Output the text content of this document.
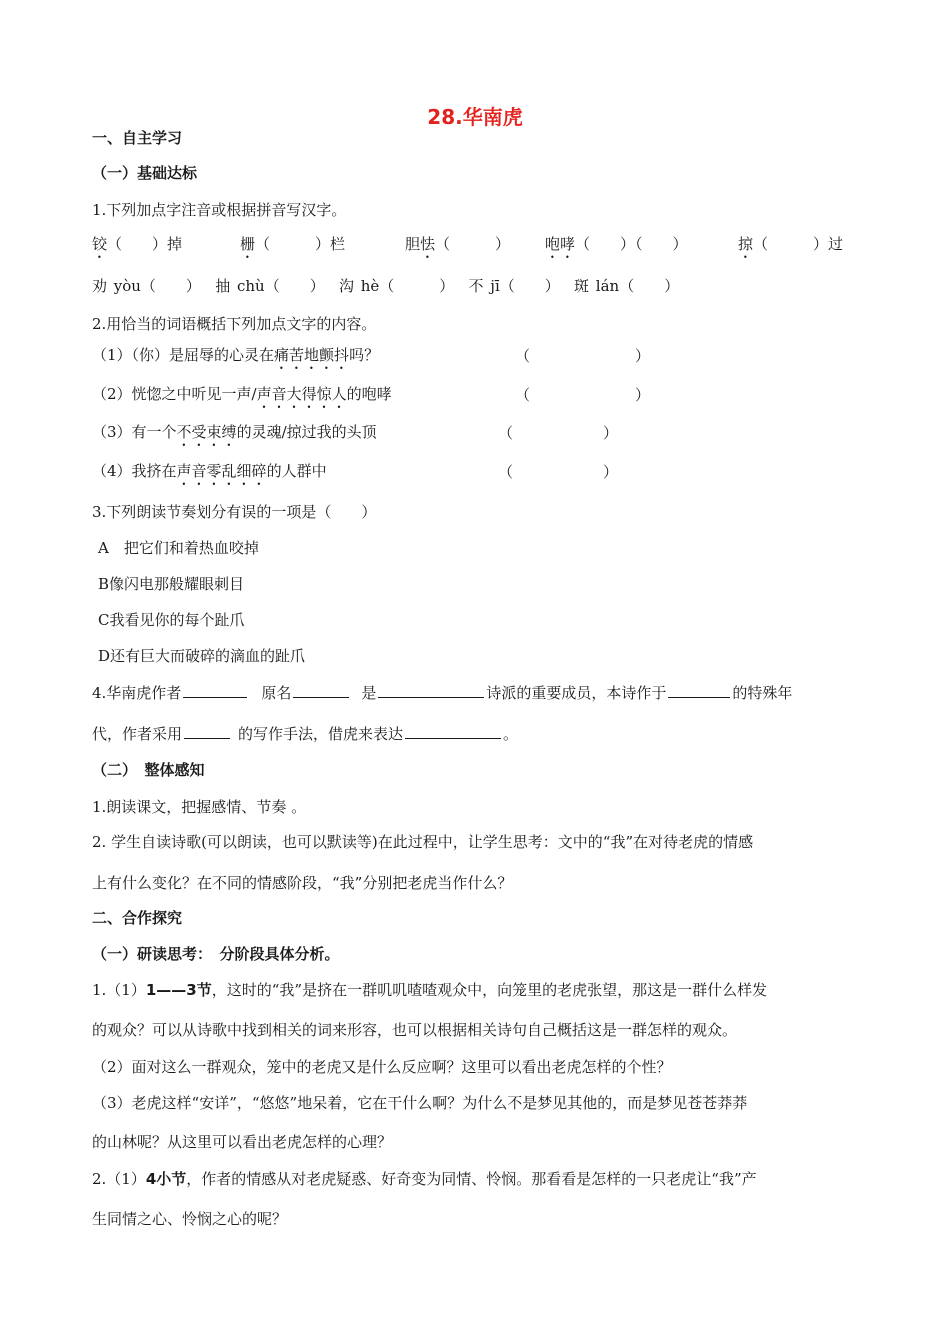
28.华南虎
一、自主学习
（一）基础达标
1.下列加点字注音或根据拼音写汉字。
铰（　　）掉	栅（　　　）栏	胆怯（　　　） 咆哮（　　）（　　）	掠（　　　）过
劝 yòu（　　）　 抽 chù（　　）　 沟 hè（　　　）　 不 jī（　　）　 斑 lán（　　）
2.用恰当的词语概括下列加点文字的内容。
（1）（你）是屈辱的心灵在痛苦地颤抖吗？	（　　　　　　　）
（2）恍惚之中听见一声/声音大得惊人的咆哮	（　　　　　　　）
（3）有一个不受束缚的灵魂/掠过我的头顶	（　　　　　　）
（4）我挤在声音零乱细碎的人群中	（　　　　　　）
3.下列朗读节奏划分有误的一项是（　　）
A　把它们和着热血咬掉
B像闪电那般耀眼刺目
C我看见你的每个趾爪
D还有巨大而破碎的滴血的趾爪
4.华南虎作者	原名	是	诗派的重要成员，本诗作于	的特殊年
代，作者采用	的写作手法，借虎来表达	。
（二）　整体感知
1.朗读课文，把握感情、节奏 。
2. 学生自读诗歌(可以朗读，也可以默读等)在此过程中，让学生思考：文中的“我”在对待老虎的情感
上有什么变化？在不同的情感阶段，“我”分别把老虎当作什么？
二、合作探究
（一）研读思考：　分阶段具体分析。
1.（1）1——3节，这时的“我”是挤在一群叽叽喳喳观众中，向笼里的老虎张望，那这是一群什么样发
的观众？可以从诗歌中找到相关的词来形容，也可以根据相关诗句自己概括这是一群怎样的观众。
（2）面对这么一群观众，笼中的老虎又是什么反应啊？这里可以看出老虎怎样的个性？
（3）老虎这样“安详”，“悠悠”地呆着，它在干什么啊？为什么不是梦见其他的，而是梦见苍苍莽莽
的山林呢？从这里可以看出老虎怎样的心理？
2.（1）4小节，作者的情感从对老虎疑惑、好奇变为同情、怜悯。那看看是怎样的一只老虎让“我”产
生同情之心、怜悯之心的呢？
